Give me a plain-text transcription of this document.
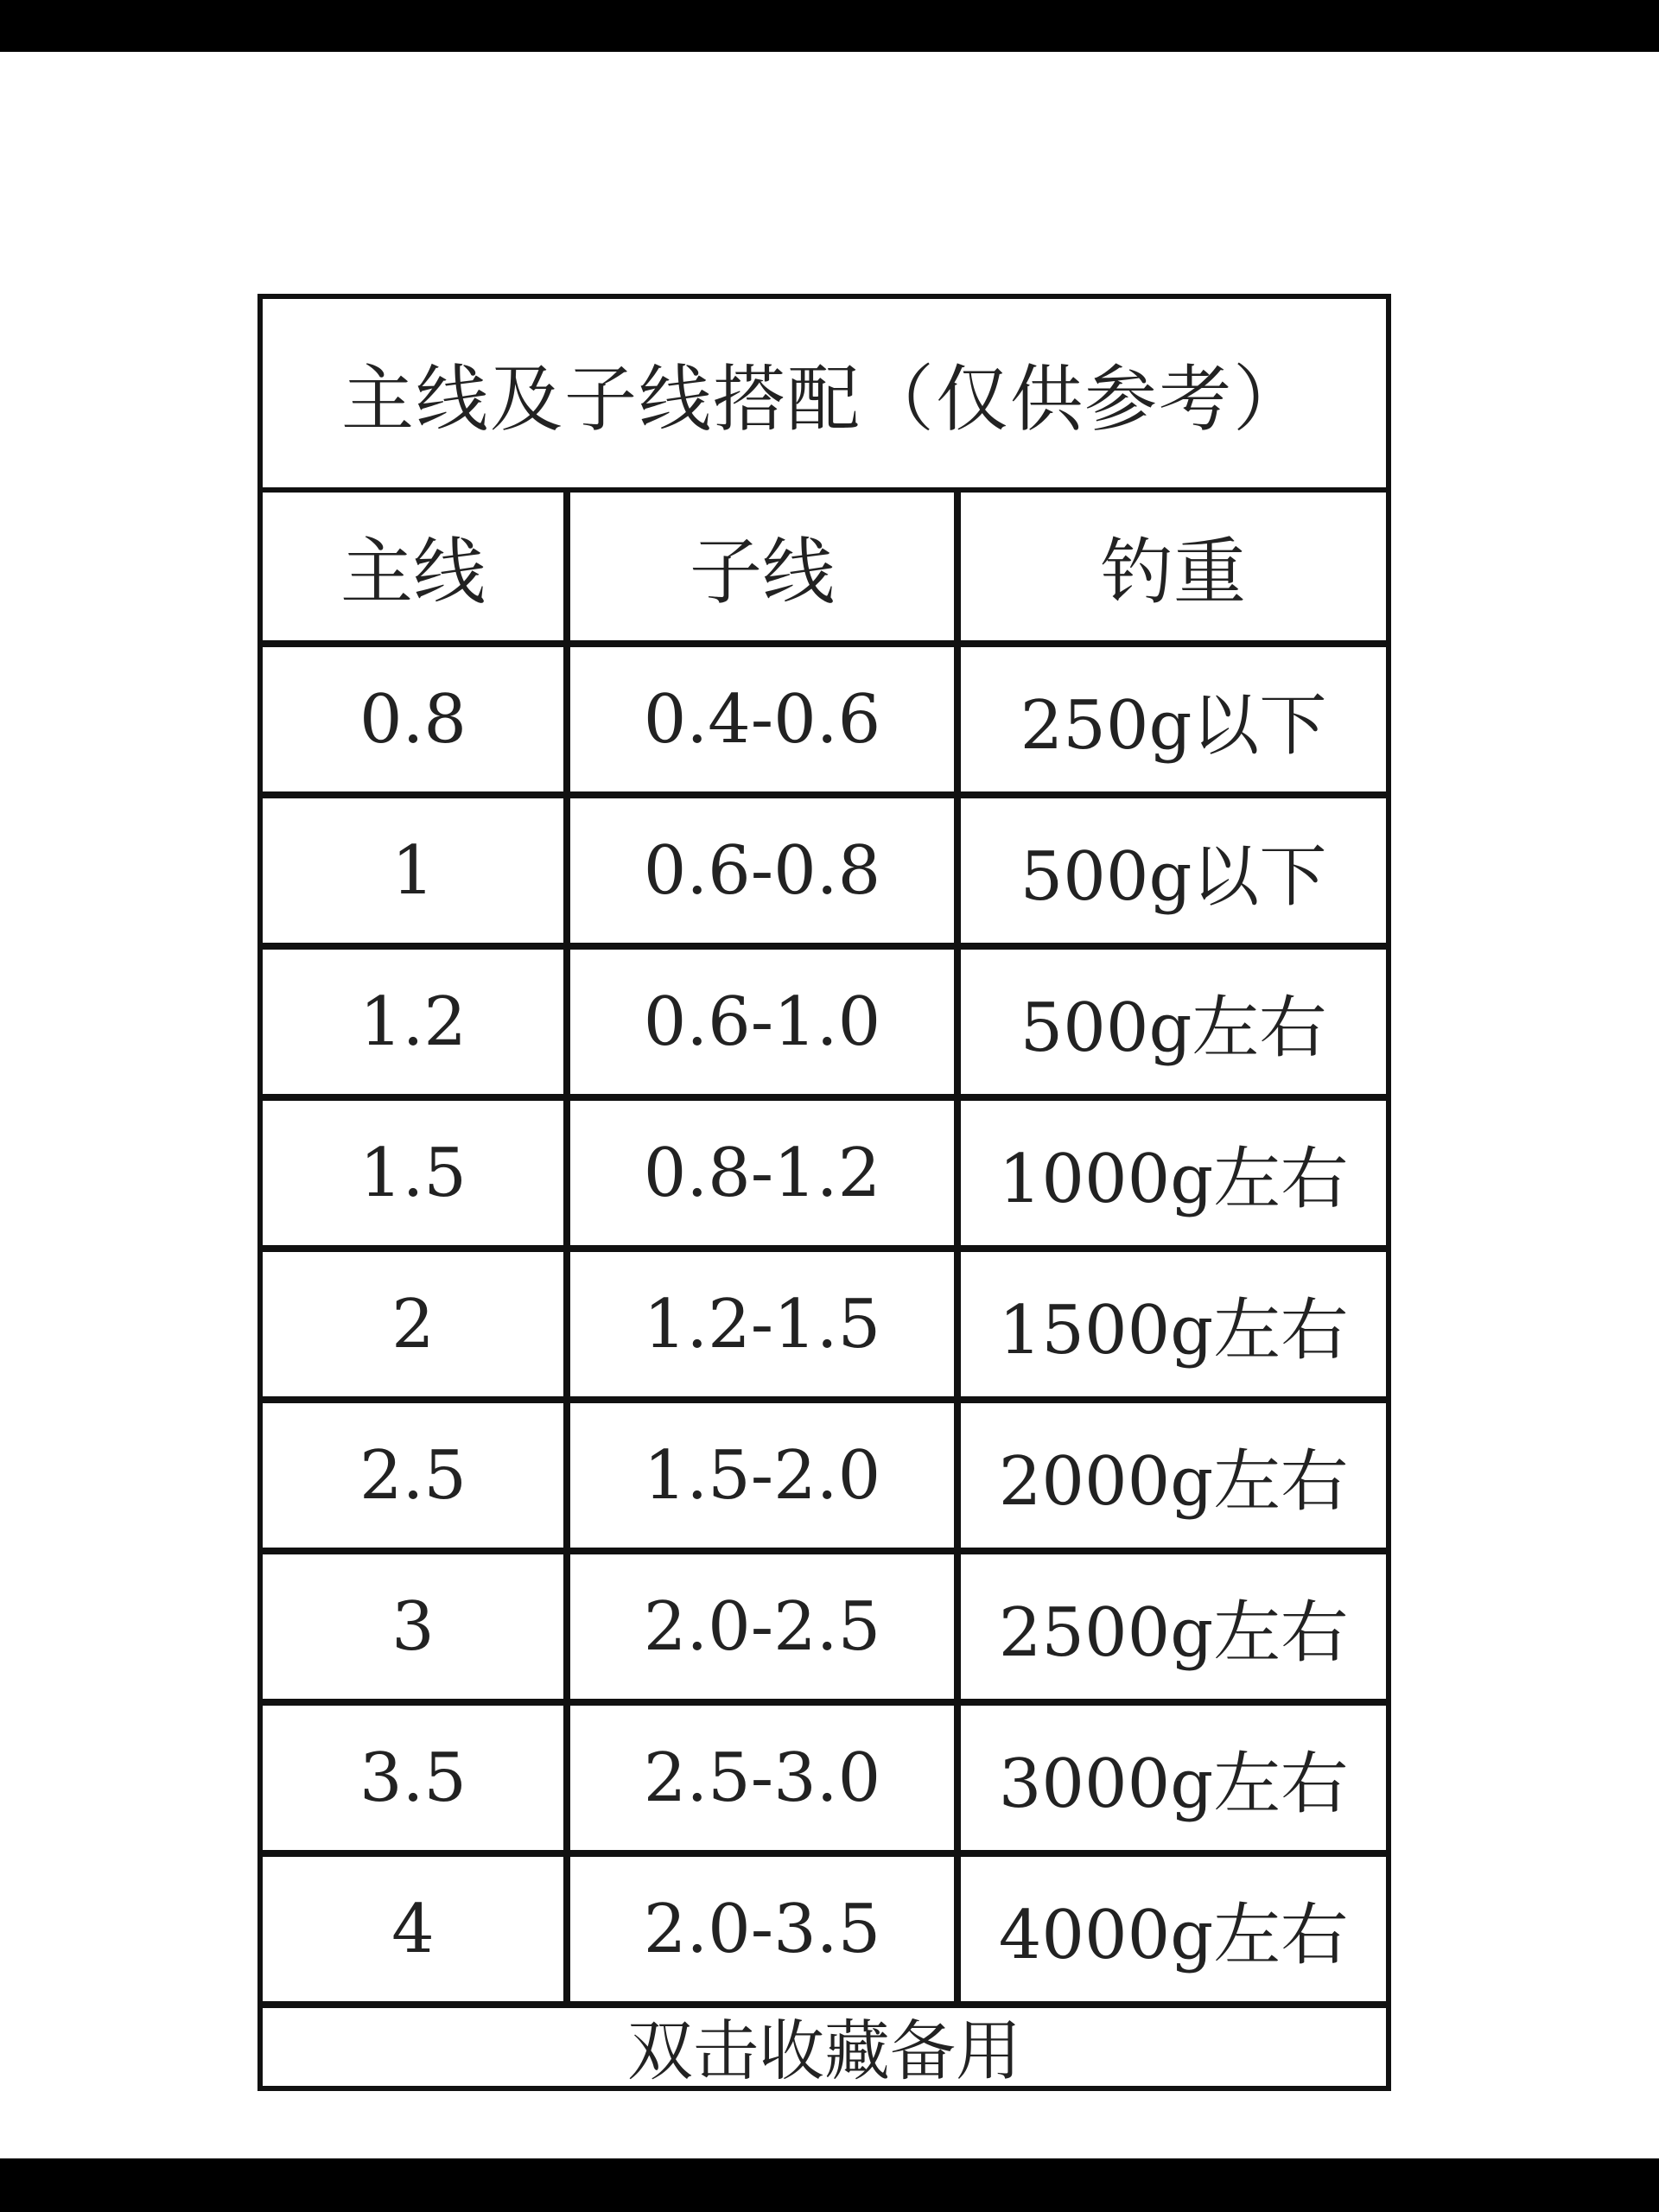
主线及子线搭配（仅供参考）
主线	子线	钓重
0.8	0.4-0.6	250g以下
1	0.6-0.8	500g以下
1.2	0.6-1.0	500g左右
1.5	0.8-1.2	1000g左右
2	1.2-1.5	1500g左右
2.5	1.5-2.0	2000g左右
3	2.0-2.5	2500g左右
3.5	2.5-3.0	3000g左右
4	2.0-3.5	4000g左右
双击收藏备用
